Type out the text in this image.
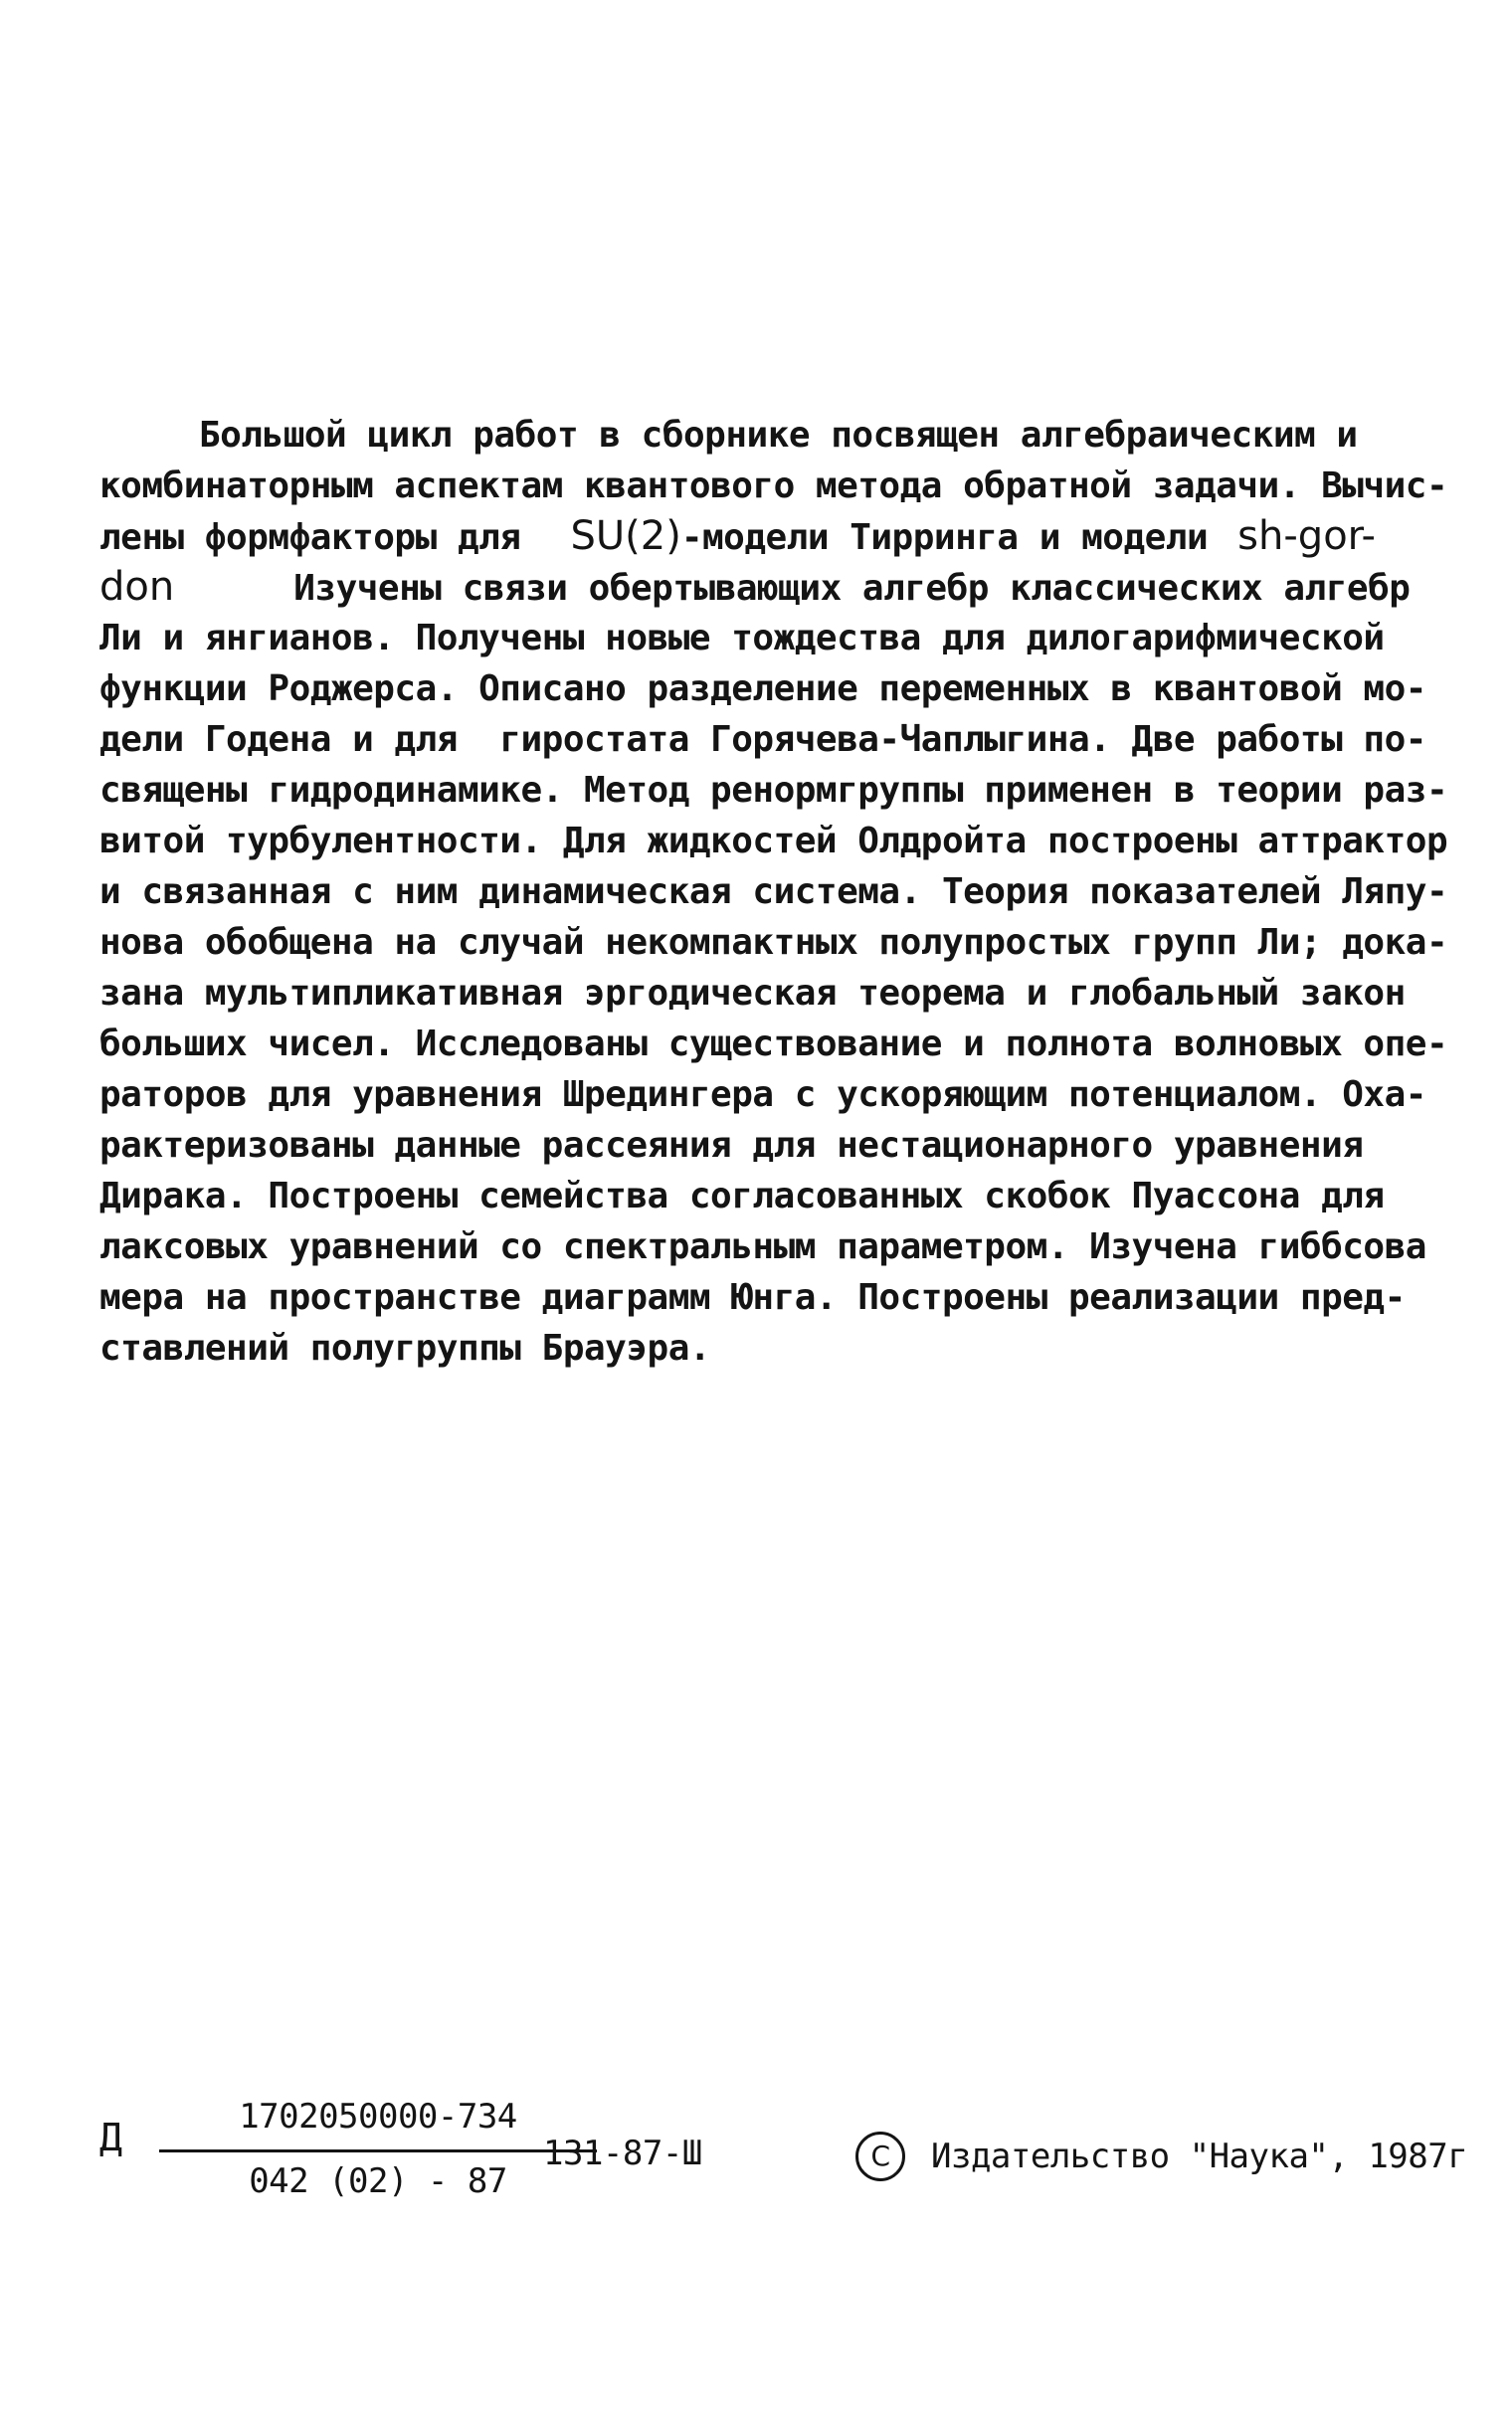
Большой цикл работ в сборнике посвящен алгебраическим и
комбинаторным аспектам квантового метода обратной задачи. Вычис-
лены формфакторы для SU(2)-модели Тирринга и модели sh-gor-
don	Изучены связи обертывающих алгебр классических алгебр
Ли и янгианов. Получены новые тождества для дилогарифмической
функции Роджерса. Описано разделение переменных в квантовой мо-
дели Годена и для  гиростата Горячева-Чаплыгина. Две работы по-
священы гидродинамике. Метод ренормгруппы применен в теории раз-
витой турбулентности. Для жидкостей Олдройта построены аттрактор
и связанная с ним динамическая система. Теория показателей Ляпу-
нова обобщена на случай некомпактных полупростых групп Ли; дока-
зана мультипликативная эргодическая теорема и глобальный закон
больших чисел. Исследованы существование и полнота волновых опе-
раторов для уравнения Шредингера с ускоряющим потенциалом. Оха-
рактеризованы данные рассеяния для нестационарного уравнения
Дирака. Построены семейства согласованных скобок Пуассона для
лаксовых уравнений со спектральным параметром. Изучена гиббсова
мера на пространстве диаграмм Юнга. Построены реализации пред-
ставлений полугруппы Брауэра.
Д	1702050000-734
042 (02) - 87
131-87-Ш	C	Издательство "Наука", 1987г
